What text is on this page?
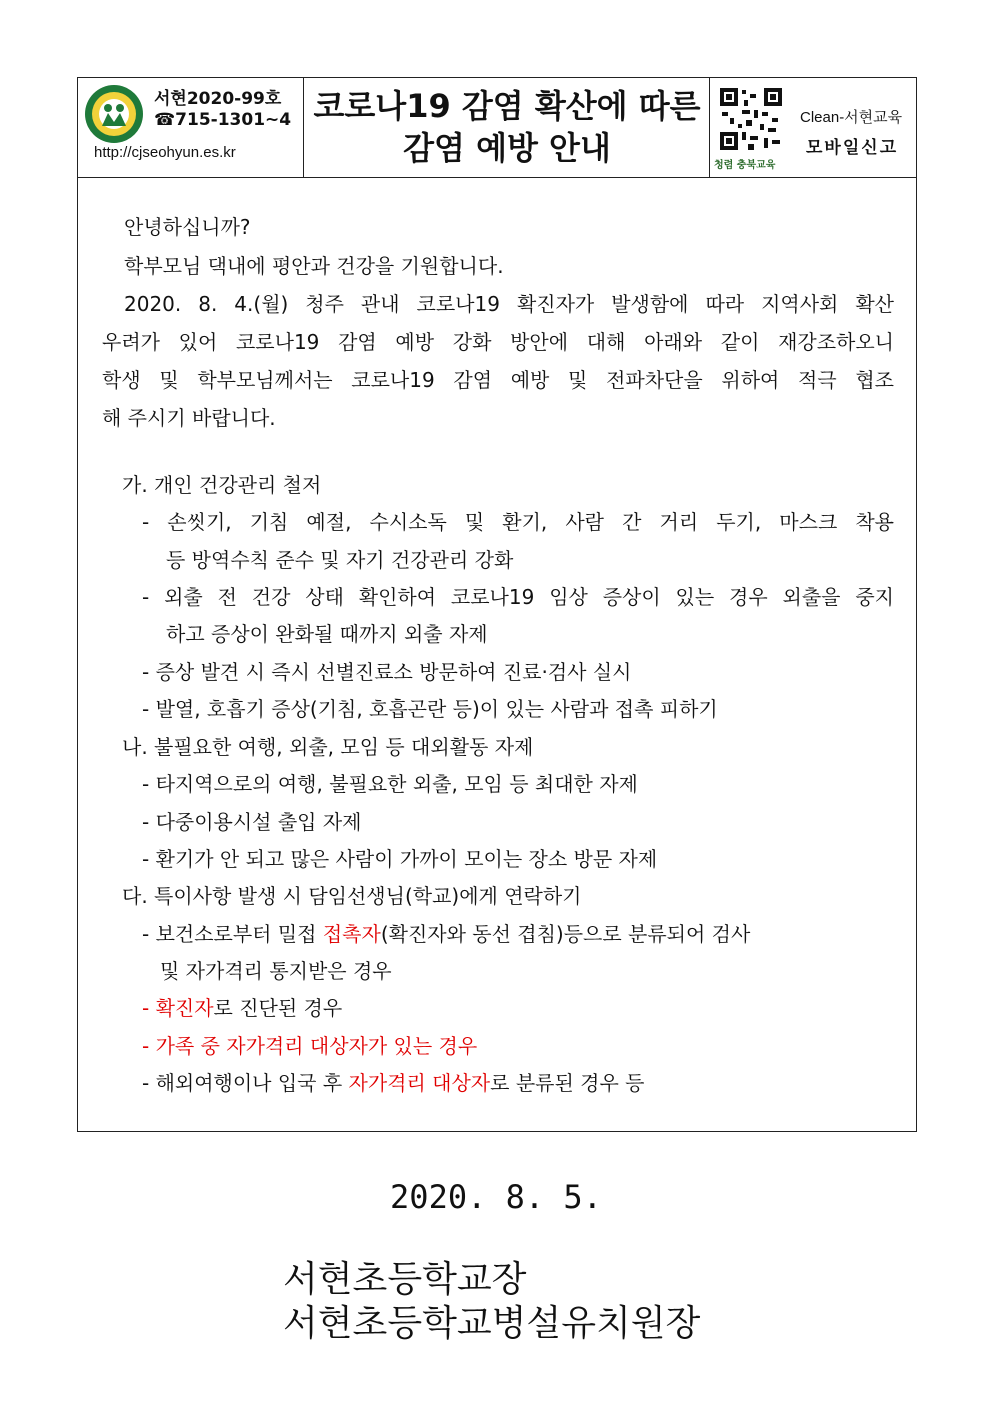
서현2020-99호
☎715-1301~4
http://cjseohyun.es.kr
코로나19 감염 확산에 따른
감염 예방 안내	청렴 충북교육
Clean-서현교육
모바일신고
안녕하십니까?
학부모님 댁내에 평안과 건강을 기원합니다.
2020. 8. 4.(월) 청주 관내 코로나19 확진자가 발생함에 따라 지역사회 확산
우려가 있어 코로나19 감염 예방 강화 방안에 대해 아래와 같이 재강조하오니
학생 및 학부모님께서는 코로나19 감염 예방 및 전파차단을 위하여 적극 협조
해 주시기 바랍니다.
가. 개인 건강관리 철저
- 손씻기, 기침 예절, 수시소독 및 환기, 사람 간 거리 두기, 마스크 착용
등 방역수칙 준수 및 자기 건강관리 강화
- 외출 전 건강 상태 확인하여 코로나19 임상 증상이 있는 경우 외출을 중지
하고 증상이 완화될 때까지 외출 자제
- 증상 발견 시 즉시 선별진료소 방문하여 진료·검사 실시
- 발열, 호흡기 증상(기침, 호흡곤란 등)이 있는 사람과 접촉 피하기
나. 불필요한 여행, 외출, 모임 등 대외활동 자제
- 타지역으로의 여행, 불필요한 외출, 모임 등 최대한 자제
- 다중이용시설 출입 자제
- 환기가 안 되고 많은 사람이 가까이 모이는 장소 방문 자제
다. 특이사항 발생 시 담임선생님(학교)에게 연락하기
- 보건소로부터 밀접 접촉자(확진자와 동선 겹침)등으로 분류되어 검사
및 자가격리 통지받은 경우
- 확진자로 진단된 경우
- 가족 중 자가격리 대상자가 있는 경우
- 해외여행이나 입국 후 자가격리 대상자로 분류된 경우 등
2020. 8. 5.
서현초등학교장
서현초등학교병설유치원장
